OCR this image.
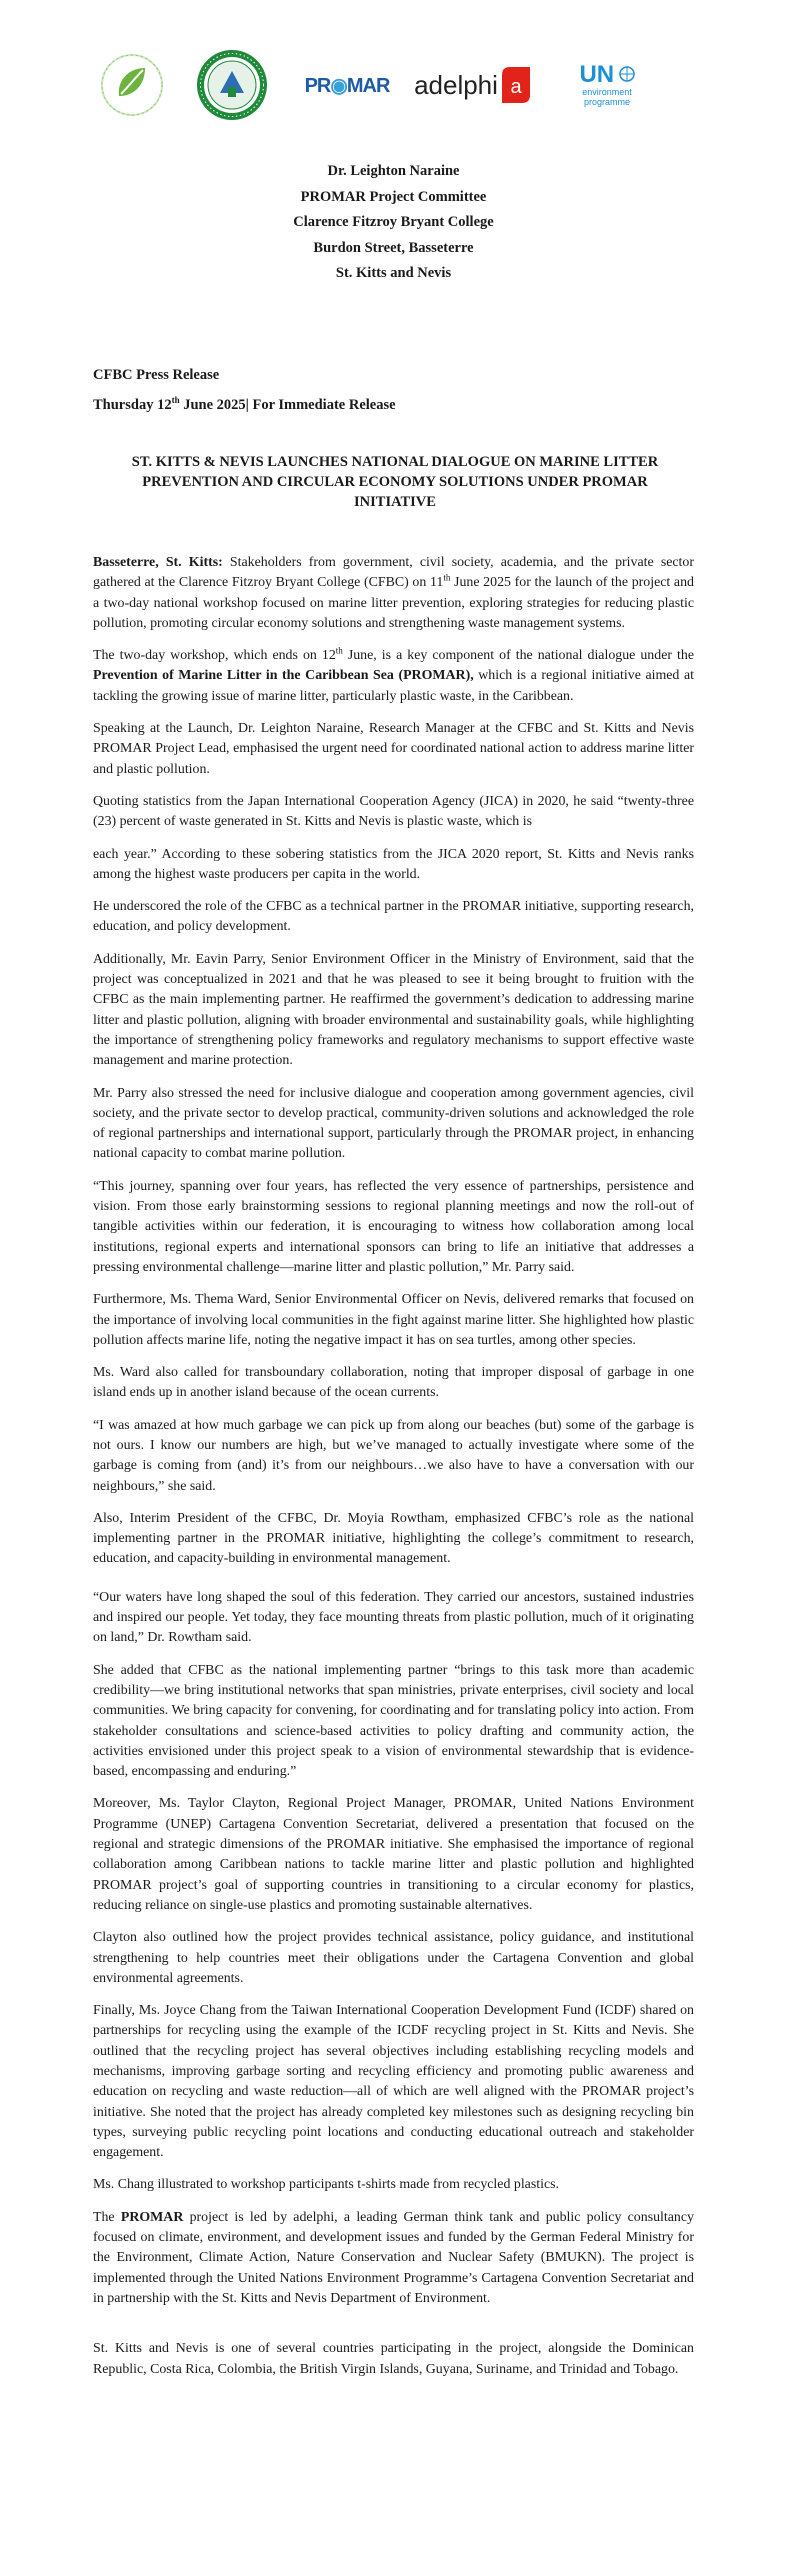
PR◉MAR adelphi a UN
environment
programme
Dr. Leighton Naraine
PROMAR Project Committee
Clarence Fitzroy Bryant College
Burdon Street, Basseterre
St. Kitts and Nevis
CFBC Press Release
Thursday 12th June 2025| For Immediate Release
ST. KITTS & NEVIS LAUNCHES NATIONAL DIALOGUE ON MARINE LITTER PREVENTION AND CIRCULAR ECONOMY SOLUTIONS UNDER PROMAR INITIATIVE

Basseterre, St. Kitts: Stakeholders from government, civil society, academia, and the private sector gathered at the Clarence Fitzroy Bryant College (CFBC) on 11th June 2025 for the launch of the project and a two-day national workshop focused on marine litter prevention, exploring strategies for reducing plastic pollution, promoting circular economy solutions and strengthening waste management systems.

The two-day workshop, which ends on 12th June, is a key component of the national dialogue under the Prevention of Marine Litter in the Caribbean Sea (PROMAR), which is a regional initiative aimed at tackling the growing issue of marine litter, particularly plastic waste, in the Caribbean.

Speaking at the Launch, Dr. Leighton Naraine, Research Manager at the CFBC and St. Kitts and Nevis PROMAR Project Lead, emphasised the urgent need for coordinated national action to address marine litter and plastic pollution.

Quoting statistics from the Japan International Cooperation Agency (JICA) in 2020, he said “twenty-three (23) percent of waste generated in St. Kitts and Nevis is plastic waste, which is

each year.” According to these sobering statistics from the JICA 2020 report, St. Kitts and Nevis ranks among the highest waste producers per capita in the world.

He underscored the role of the CFBC as a technical partner in the PROMAR initiative, supporting research, education, and policy development.

Additionally, Mr. Eavin Parry, Senior Environment Officer in the Ministry of Environment, said that the project was conceptualized in 2021 and that he was pleased to see it being brought to fruition with the CFBC as the main implementing partner. He reaffirmed the government’s dedication to addressing marine litter and plastic pollution, aligning with broader environmental and sustainability goals, while highlighting the importance of strengthening policy frameworks and regulatory mechanisms to support effective waste management and marine protection.

Mr. Parry also stressed the need for inclusive dialogue and cooperation among government agencies, civil society, and the private sector to develop practical, community-driven solutions and acknowledged the role of regional partnerships and international support, particularly through the PROMAR project, in enhancing national capacity to combat marine pollution.

“This journey, spanning over four years, has reflected the very essence of partnerships, persistence and vision. From those early brainstorming sessions to regional planning meetings and now the roll-out of tangible activities within our federation, it is encouraging to witness how collaboration among local institutions, regional experts and international sponsors can bring to life an initiative that addresses a pressing environmental challenge—marine litter and plastic pollution,” Mr. Parry said.

Furthermore, Ms. Thema Ward, Senior Environmental Officer on Nevis, delivered remarks that focused on the importance of involving local communities in the fight against marine litter. She highlighted how plastic pollution affects marine life, noting the negative impact it has on sea turtles, among other species.

Ms. Ward also called for transboundary collaboration, noting that improper disposal of garbage in one island ends up in another island because of the ocean currents.

“I was amazed at how much garbage we can pick up from along our beaches (but) some of the garbage is not ours. I know our numbers are high, but we’ve managed to actually investigate where some of the garbage is coming from (and) it’s from our neighbours…we also have to have a conversation with our neighbours,” she said.

Also, Interim President of the CFBC, Dr. Moyia Rowtham, emphasized CFBC’s role as the national implementing partner in the PROMAR initiative, highlighting the college’s commitment to research, education, and capacity-building in environmental management.

“Our waters have long shaped the soul of this federation. They carried our ancestors, sustained industries and inspired our people. Yet today, they face mounting threats from plastic pollution, much of it originating on land,” Dr. Rowtham said.

She added that CFBC as the national implementing partner “brings to this task more than academic credibility—we bring institutional networks that span ministries, private enterprises, civil society and local communities. We bring capacity for convening, for coordinating and for translating policy into action. From stakeholder consultations and science-based activities to policy drafting and community action, the activities envisioned under this project speak to a vision of environmental stewardship that is evidence-based, encompassing and enduring.”

Moreover, Ms. Taylor Clayton, Regional Project Manager, PROMAR, United Nations Environment Programme (UNEP) Cartagena Convention Secretariat, delivered a presentation that focused on the regional and strategic dimensions of the PROMAR initiative. She emphasised the importance of regional collaboration among Caribbean nations to tackle marine litter and plastic pollution and highlighted PROMAR project’s goal of supporting countries in transitioning to a circular economy for plastics, reducing reliance on single-use plastics and promoting sustainable alternatives.

Clayton also outlined how the project provides technical assistance, policy guidance, and institutional strengthening to help countries meet their obligations under the Cartagena Convention and global environmental agreements.

Finally, Ms. Joyce Chang from the Taiwan International Cooperation Development Fund (ICDF) shared on partnerships for recycling using the example of the ICDF recycling project in St. Kitts and Nevis. She outlined that the recycling project has several objectives including establishing recycling models and mechanisms, improving garbage sorting and recycling efficiency and promoting public awareness and education on recycling and waste reduction—all of which are well aligned with the PROMAR project’s initiative. She noted that the project has already completed key milestones such as designing recycling bin types, surveying public recycling point locations and conducting educational outreach and stakeholder engagement.

Ms. Chang illustrated to workshop participants t-shirts made from recycled plastics.

The PROMAR project is led by adelphi, a leading German think tank and public policy consultancy focused on climate, environment, and development issues and funded by the German Federal Ministry for the Environment, Climate Action, Nature Conservation and Nuclear Safety (BMUKN). The project is implemented through the United Nations Environment Programme’s Cartagena Convention Secretariat and in partnership with the St. Kitts and Nevis Department of Environment.

St. Kitts and Nevis is one of several countries participating in the project, alongside the Dominican Republic, Costa Rica, Colombia, the British Virgin Islands, Guyana, Suriname, and Trinidad and Tobago.
